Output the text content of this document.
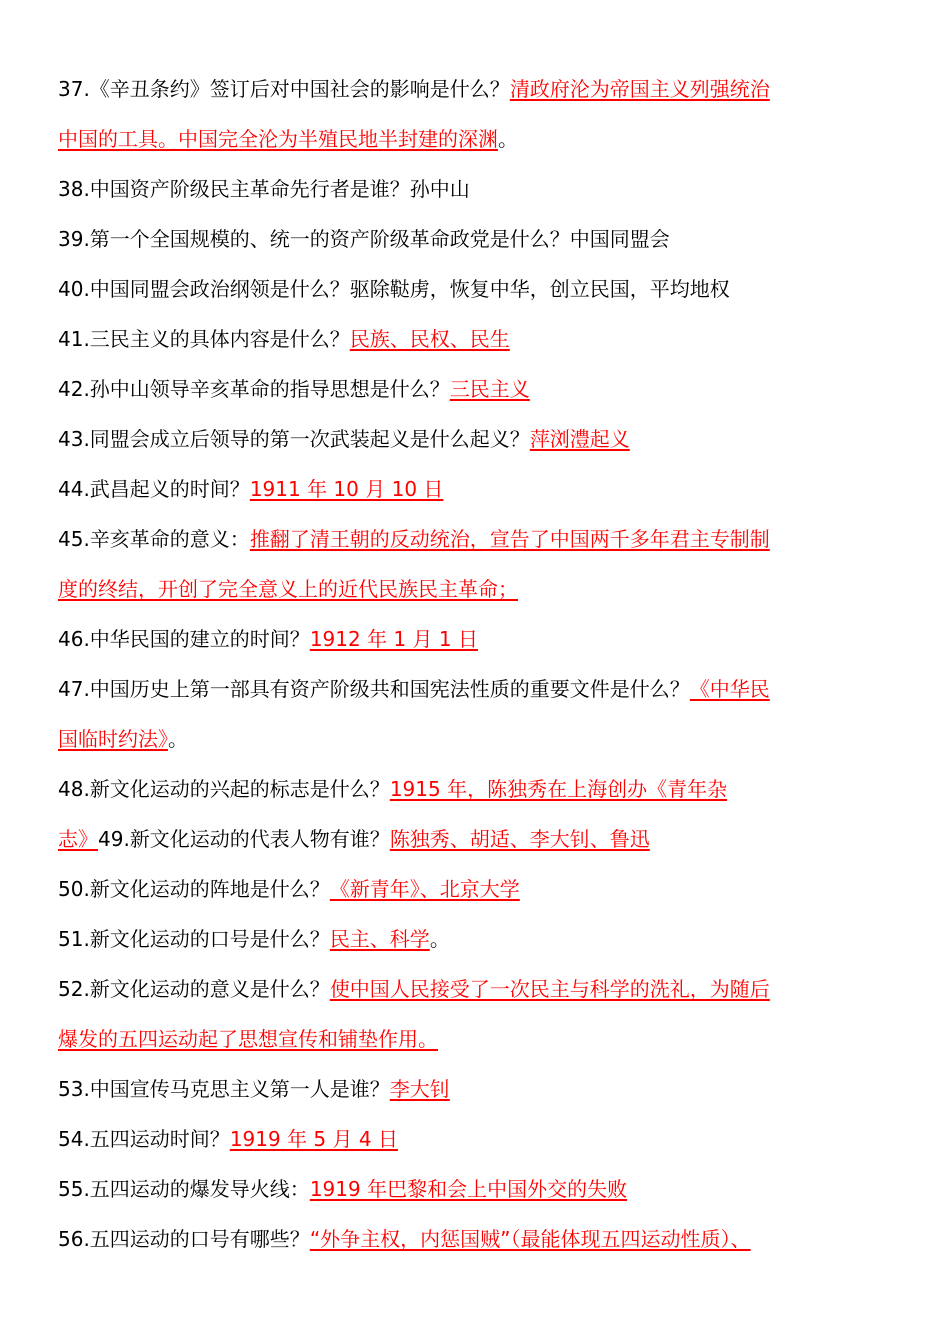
37.《辛丑条约》签订后对中国社会的影响是什么？清政府沦为帝国主义列强统治
中国的工具。中国完全沦为半殖民地半封建的深渊。
38.中国资产阶级民主革命先行者是谁？孙中山
39.第一个全国规模的、统一的资产阶级革命政党是什么？中国同盟会
40.中国同盟会政治纲领是什么？驱除鞑虏，恢复中华，创立民国，平均地权
41.三民主义的具体内容是什么？民族、民权、民生
42.孙中山领导辛亥革命的指导思想是什么？三民主义
43.同盟会成立后领导的第一次武装起义是什么起义？萍浏澧起义
44.武昌起义的时间？1911 年 10 月 10 日
45.辛亥革命的意义：推翻了清王朝的反动统治，宣告了中国两千多年君主专制制
度的终结，开创了完全意义上的近代民族民主革命；
46.中华民国的建立的时间？1912 年 1 月 1 日
47.中国历史上第一部具有资产阶级共和国宪法性质的重要文件是什么？《中华民
国临时约法》。
48.新文化运动的兴起的标志是什么？1915 年，陈独秀在上海创办《青年杂
志》49.新文化运动的代表人物有谁？陈独秀、胡适、李大钊、鲁迅
50.新文化运动的阵地是什么？《新青年》、北京大学
51.新文化运动的口号是什么？民主、科学。
52.新文化运动的意义是什么？使中国人民接受了一次民主与科学的洗礼，为随后
爆发的五四运动起了思想宣传和铺垫作用。
53.中国宣传马克思主义第一人是谁？李大钊
54.五四运动时间？1919 年 5 月 4 日
55.五四运动的爆发导火线：1919 年巴黎和会上中国外交的失败
56.五四运动的口号有哪些？“外争主权，内惩国贼”（最能体现五四运动性质）、
